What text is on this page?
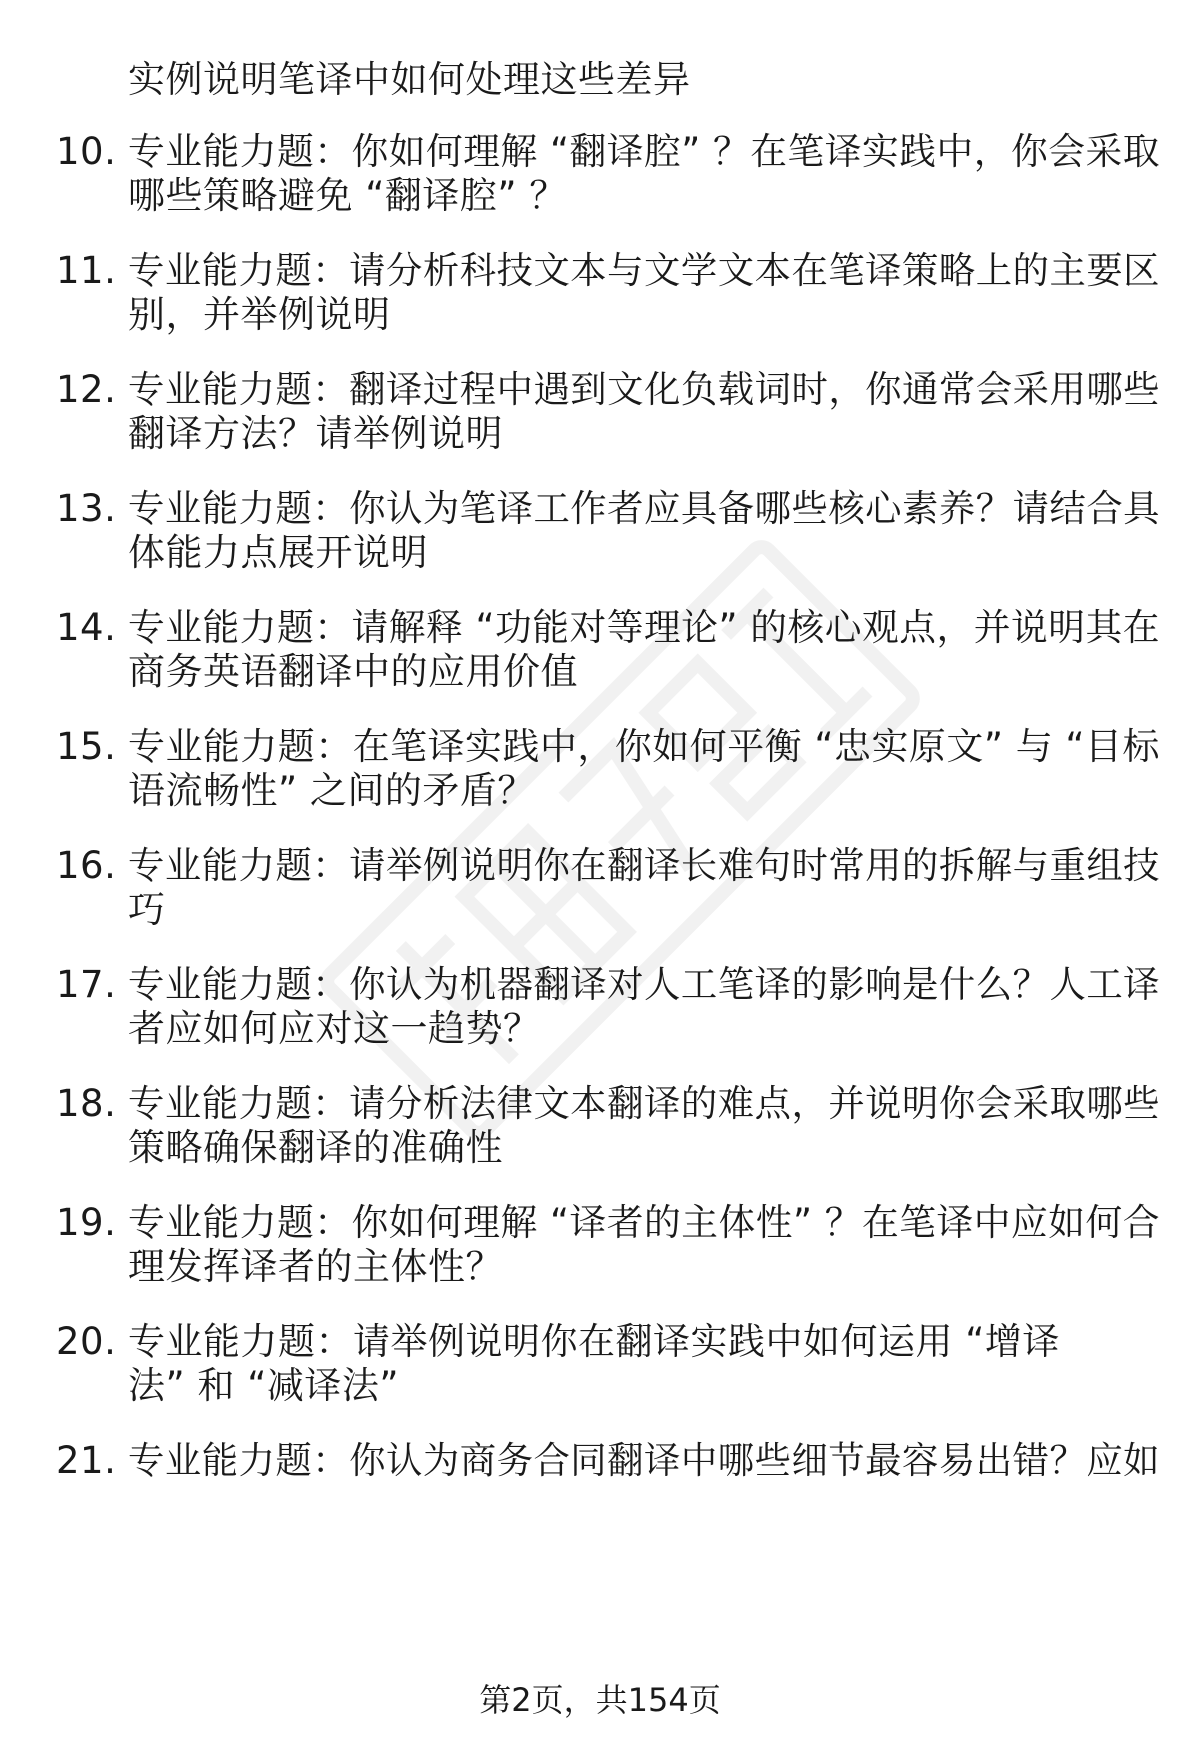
实例说明笔译中如何处理这些差异
10. 专业能力题：你如何理解 “翻译腔” ？在笔译实践中，你会采取
哪些策略避免 “翻译腔” ？
11. 专业能力题：请分析科技文本与文学文本在笔译策略上的主要区
别，并举例说明
12. 专业能力题：翻译过程中遇到文化负载词时，你通常会采用哪些
翻译方法？请举例说明
13. 专业能力题：你认为笔译工作者应具备哪些核心素养？请结合具
体能力点展开说明
14. 专业能力题：请解释 “功能对等理论” 的核心观点，并说明其在
商务英语翻译中的应用价值
15. 专业能力题：在笔译实践中，你如何平衡 “忠实原文” 与 “目标
语流畅性” 之间的矛盾？
16. 专业能力题：请举例说明你在翻译长难句时常用的拆解与重组技
巧
17. 专业能力题：你认为机器翻译对人工笔译的影响是什么？人工译
者应如何应对这一趋势？
18. 专业能力题：请分析法律文本翻译的难点，并说明你会采取哪些
策略确保翻译的准确性
19. 专业能力题：你如何理解 “译者的主体性” ？在笔译中应如何合
理发挥译者的主体性？
20. 专业能力题：请举例说明你在翻译实践中如何运用 “增译
法” 和 “减译法”
21. 专业能力题：你认为商务合同翻译中哪些细节最容易出错？应如
第2页，共154页
